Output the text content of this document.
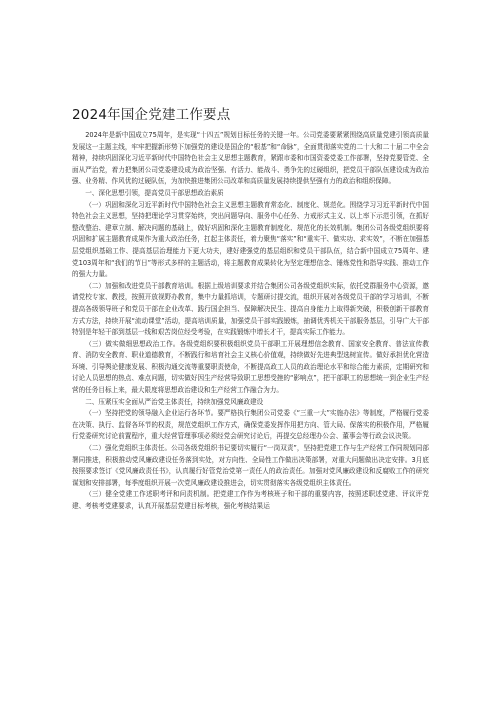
2024年国企党建工作要点

2024年是新中国成立75周年，是实现“十四五”规划目标任务的关键一年。公司党委要紧紧围绕高质量党建引领高质量发展这一主题主线，牢牢把握新形势下加强党的建设是国企的“根基”和“命脉”，全面贯彻落实党的二十大和二十届二中全会精神，持续巩固深化习近平新时代中国特色社会主义思想主题教育，紧跟市委和市国资委党委工作部署，坚持党要管党、全面从严治党，着力把集团公司党委建设成为政治坚强、有活力、能战斗、勇争先的过硬组织，把党员干部队伍建设成为政治强、业务精、作风优的过硬队伍，为加快推进集团公司改革和高质量发展持续提供坚强有力的政治和组织保障。

一、深化思想引领，提高党员干部思想政治素质

（一）巩固和深化习近平新时代中国特色社会主义思想主题教育常态化、制度化、规范化。围绕学习习近平新时代中国特色社会主义思想，坚持把理论学习贯穿始终，突出问题导向、服务中心任务、力戒形式主义、以上率下示范引领，在抓好整改整治、建章立制、解决问题的基础上，做好巩固和深化主题教育制度化、规范化的长效机制。集团公司各级党组织要将巩固和扩展主题教育成果作为重大政治任务，扛起主体责任，着力聚焦“落实”和“重实干、做实功、求实效”，不断在加强基层党组织基础工作、提高基层治理能力下更大功夫，建好建强党的基层组织和党员干部队伍，结合新中国成立75周年、建党103周年和“我们的节日”等形式多样的主题活动，将主题教育成果转化为坚定理想信念、锤炼党性和指导实践、推动工作的强大力量。

（二）加强和改进党员干部教育培训。根据上级培训要求并结合集团公司各级党组织实际，依托党群服务中心资源，邀请党校专家、教授，按照开放视野办教育，集中力量抓培训，专题研讨提交流，组织开展对各级党员干部的学习培训，不断提高各级领导班子和党员干部在企业改革、践行国企担当、保障解决民生、提高自身能力上取得新突破，积极创新干部教育方式方法，持续开展“流动课堂”活动，提高培训质量，加强党员干部实践锻炼，抽调优秀机关干部服务基层，引导广大干部特别是年轻干部到基层一线和艰苦岗位经受考验，在实践锻炼中增长才干，提高实际工作能力。

（三）做实做细思想政治工作。各级党组织要积极组织党员干部职工开展理想信念教育、国家安全教育、普法宣传教育、消防安全教育、职业道德教育，不断践行和培育社会主义核心价值观，持续做好先进典型选树宣传。做好承担优化营造环境、引导舆论健康发展、积极沟通交流等重要职责使命，不断提高政工人员的政治理论水平和综合能力素质，定期研究和讨论人员思想的热点、难点问题，切实做好因生产经营导致职工思想受挫的“影响点”，把干部职工的思想统一到企业生产经营的任务目标上来，最大限度将思想政治建设和生产经营工作融合为力。

二、压紧压实全面从严治党主体责任，持续加强党风廉政建设

（一）坚持把党的领导融入企业运行各环节。要严格执行集团公司党委《“三重一大”实施办法》等制度，严格履行党委在决策、执行、监督各环节的权责，规范党组织工作方式，确保党委发挥作用把方向、管大局、保落实的积极作用，严格履行党委研究讨论前置程序，重大经营管理事项必须经党会研究讨论后，再提交总经理办公会、董事会等行政会议决策。

（二）强化党组织主体责任。公司各级党组织书记要切实履行“一岗双责”，坚持把党建工作与生产经营工作同规划同部署同推进，积极推动党风廉政建设任务落到实处，对方向性、全局性工作做出决策部署，对重大问题做出决定安排。3月底按照要求签订《党风廉政责任书》，认真履行好管党治党第一责任人的政治责任。加强对党风廉政建设和反腐败工作的研究谋划和安排部署，每季度组织开展一次党风廉政建设推进会，切实贯彻落实各级党组织主体责任。

（三）健全党建工作述职考评和问责机制。把党建工作作为考核班子和干部的重要内容，按照述职述党建、评议评党建、考核考党建要求，认真开展基层党建目标考核，强化考核结果运
